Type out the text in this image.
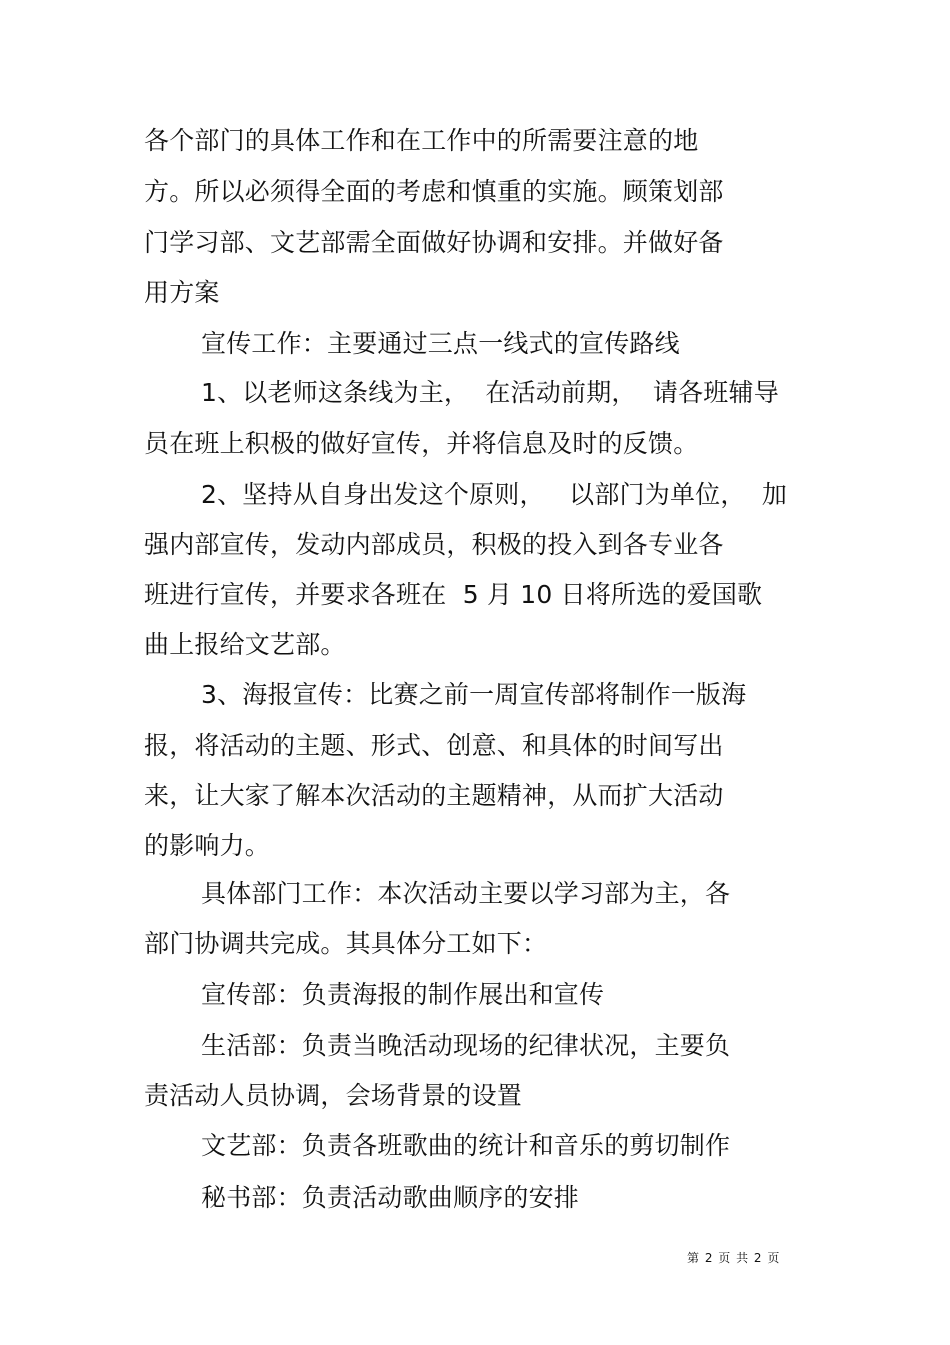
各个部门的具体工作和在工作中的所需要注意的地
方。所以必须得全面的考虑和慎重的实施。顾策划部
门学习部、文艺部需全面做好协调和安排。并做好备
用方案
宣传工作：主要通过三点一线式的宣传路线
1、以老师这条线为主，  在活动前期，  请各班辅导
员在班上积极的做好宣传，并将信息及时的反馈。
2、坚持从自身出发这个原则，   以部门为单位，  加
强内部宣传，发动内部成员，积极的投入到各专业各
班进行宣传，并要求各班在  5 月 10 日将所选的爱国歌
曲上报给文艺部。
3、海报宣传：比赛之前一周宣传部将制作一版海
报，将活动的主题、形式、创意、和具体的时间写出
来，让大家了解本次活动的主题精神，从而扩大活动
的影响力。
具体部门工作：本次活动主要以学习部为主，各
部门协调共完成。其具体分工如下：
宣传部：负责海报的制作展出和宣传
生活部：负责当晚活动现场的纪律状况，主要负
责活动人员协调，会场背景的设置
文艺部：负责各班歌曲的统计和音乐的剪切制作
秘书部：负责活动歌曲顺序的安排
第 2 页 共 2 页
